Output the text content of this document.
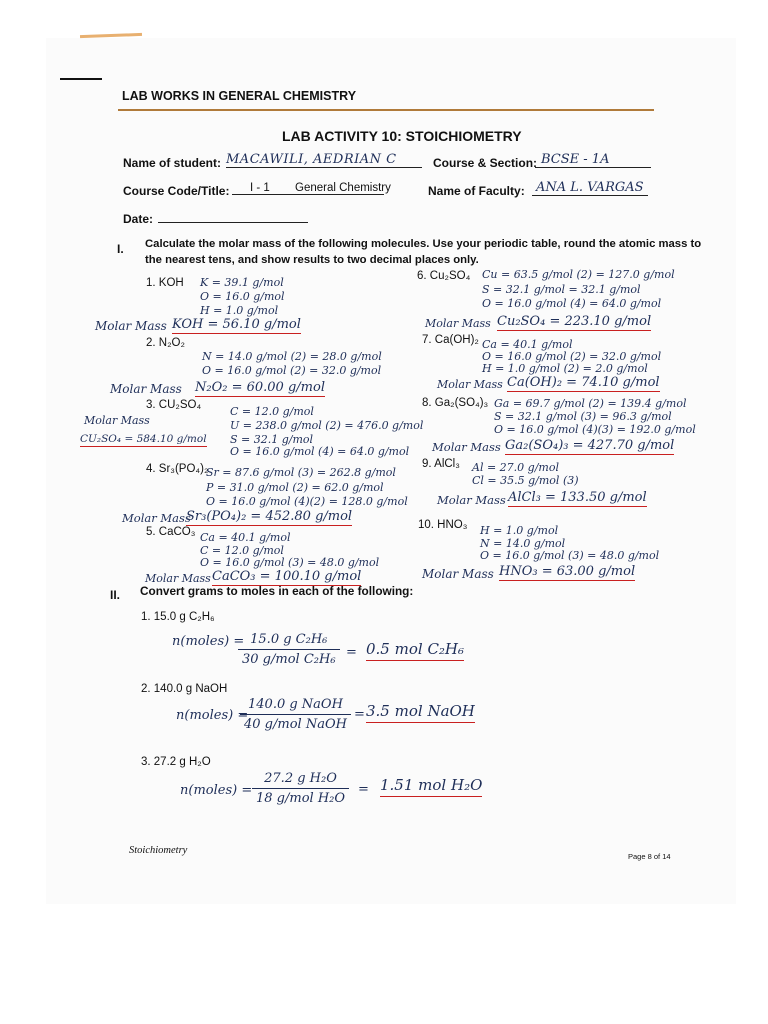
LAB WORKS IN GENERAL CHEMISTRY
LAB ACTIVITY 10: STOICHIOMETRY
Name of student: MACAWILI, AEDRIAN C	Course & Section: BCSE - 1A
Course Code/Title:	I - 1 General Chemistry	Name of Faculty: ANA L. VARGAS
Date:
I. Calculate the molar mass of the following molecules. Use your periodic table, round the atomic mass to
the nearest tens, and show results to two decimal places only.
1. KOH K = 39.1 g/mol
O = 16.0 g/mol
H = 1.0 g/mol
Molar Mass KOH = 56.10 g/mol
2. N₂O₂
N = 14.0 g/mol (2) = 28.0 g/mol
O = 16.0 g/mol (2) = 32.0 g/mol
Molar Mass N₂O₂ = 60.00 g/mol
3. CU₂SO₄
Molar Mass
CU₂SO₄ = 584.10 g/mol
C = 12.0 g/mol
U = 238.0 g/mol (2) = 476.0 g/mol
S = 32.1 g/mol
O = 16.0 g/mol (4) = 64.0 g/mol
4. Sr₃(PO₄)₂
Sr = 87.6 g/mol (3) = 262.8 g/mol
P = 31.0 g/mol (2) = 62.0 g/mol
O = 16.0 g/mol (4)(2) = 128.0 g/mol
Molar Mass
Sr₃(PO₄)₂ = 452.80 g/mol
5. CaCO₃ Ca = 40.1 g/mol
C = 12.0 g/mol
O = 16.0 g/mol (3) = 48.0 g/mol
Molar Mass CaCO₃ = 100.10 g/mol
6. Cu₂SO₄ Cu = 63.5 g/mol (2) = 127.0 g/mol
S = 32.1 g/mol = 32.1 g/mol
O = 16.0 g/mol (4) = 64.0 g/mol
Molar Mass Cu₂SO₄ = 223.10 g/mol
7. Ca(OH)₂ Ca = 40.1 g/mol
O = 16.0 g/mol (2) = 32.0 g/mol
H = 1.0 g/mol (2) = 2.0 g/mol
Molar Mass Ca(OH)₂ = 74.10 g/mol
8. Ga₂(SO₄)₃ Ga = 69.7 g/mol (2) = 139.4 g/mol
S = 32.1 g/mol (3) = 96.3 g/mol
O = 16.0 g/mol (4)(3) = 192.0 g/mol
Molar Mass Ga₂(SO₄)₃ = 427.70 g/mol
9. AlCl₃ Al = 27.0 g/mol
Cl = 35.5 g/mol (3)
Molar Mass AlCl₃ = 133.50 g/mol
10. HNO₃ H = 1.0 g/mol
N = 14.0 g/mol
O = 16.0 g/mol (3) = 48.0 g/mol
Molar Mass HNO₃ = 63.00 g/mol
II. Convert grams to moles in each of the following:
1. 15.0 g C₂H₆
n(moles) = 15.0 g C₂H₆
30 g/mol C₂H₆ = 0.5 mol C₂H₆
2. 140.0 g NaOH
n(moles) =
140.0 g NaOH
40 g/mol NaOH
= 3.5 mol NaOH
3. 27.2 g H₂O
n(moles) =
27.2 g H₂O
18 g/mol H₂O
= 1.51 mol H₂O
Stoichiometry
Page 8 of 14
